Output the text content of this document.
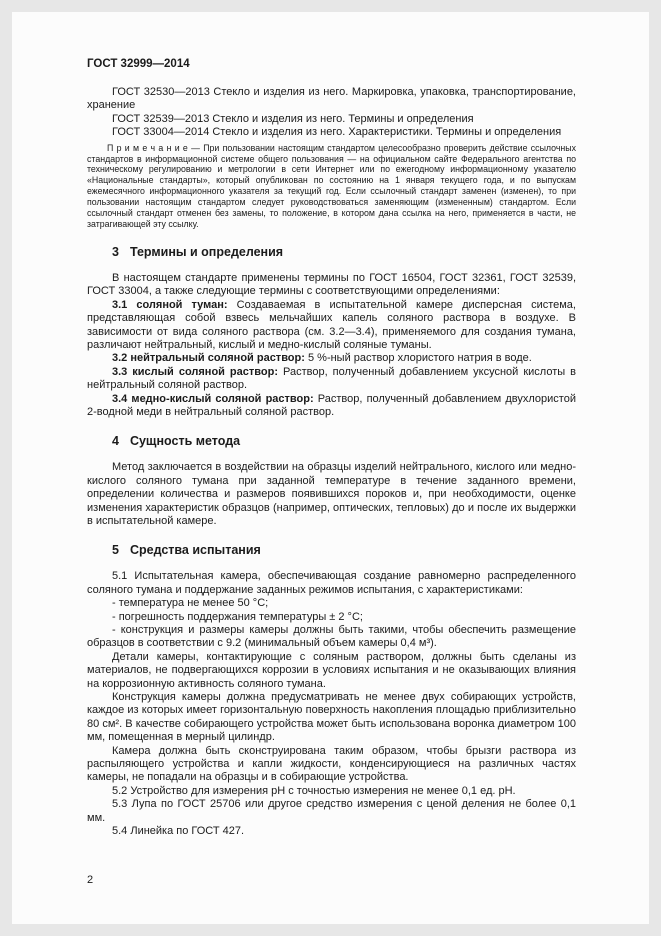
ГОСТ 32999—2014

ГОСТ 32530—2013 Стекло и изделия из него. Маркировка, упаковка, транспортирование, хранение

ГОСТ 32539—2013 Стекло и изделия из него. Термины и определения

ГОСТ 33004—2014 Стекло и изделия из него. Характеристики. Термины и определения

П р и м е ч а н и е — При пользовании настоящим стандартом целесообразно проверить действие ссылочных стандартов в информационной системе общего пользования — на официальном сайте Федерального агентства по техническому регулированию и метрологии в сети Интернет или по ежегодному информационному указателю «Национальные стандарты», который опубликован по состоянию на 1 января текущего года, и по выпускам ежемесячного информационного указателя за текущий год. Если ссылочный стандарт заменен (изменен), то при пользовании настоящим стандартом следует руководствоваться заменяющим (измененным) стандартом. Если ссылочный стандарт отменен без замены, то положение, в котором дана ссылка на него, применяется в части, не затрагивающей эту ссылку.

3 Термины и определения

В настоящем стандарте применены термины по ГОСТ 16504, ГОСТ 32361, ГОСТ 32539, ГОСТ 33004, а также следующие термины с соответствующими определениями:

3.1 соляной туман: Создаваемая в испытательной камере дисперсная система, представляющая собой взвесь мельчайших капель соляного раствора в воздухе. В зависимости от вида соляного раствора (см. 3.2—3.4), применяемого для создания тумана, различают нейтральный, кислый и медно-кислый соляные туманы.

3.2 нейтральный соляной раствор: 5 %-ный раствор хлористого натрия в воде.

3.3 кислый соляной раствор: Раствор, полученный добавлением уксусной кислоты в нейтральный соляной раствор.

3.4 медно-кислый соляной раствор: Раствор, полученный добавлением двухлористой 2-водной меди в нейтральный соляной раствор.

4 Сущность метода

Метод заключается в воздействии на образцы изделий нейтрального, кислого или медно-кислого соляного тумана при заданной температуре в течение заданного времени, определении количества и размеров появившихся пороков и, при необходимости, оценке изменения характеристик образцов (например, оптических, тепловых) до и после их выдержки в испытательной камере.

5 Средства испытания

5.1 Испытательная камера, обеспечивающая создание равномерно распределенного соляного тумана и поддержание заданных режимов испытания, с характеристиками:

- температура не менее 50 °С;

- погрешность поддержания температуры ± 2 °С;

- конструкция и размеры камеры должны быть такими, чтобы обеспечить размещение образцов в соответствии с 9.2 (минимальный объем камеры 0,4 м³).

Детали камеры, контактирующие с соляным раствором, должны быть сделаны из материалов, не подвергающихся коррозии в условиях испытания и не оказывающих влияния на коррозионную активность соляного тумана.

Конструкция камеры должна предусматривать не менее двух собирающих устройств, каждое из которых имеет горизонтальную поверхность накопления площадью приблизительно 80 см². В качестве собирающего устройства может быть использована воронка диаметром 100 мм, помещенная в мерный цилиндр.

Камера должна быть сконструирована таким образом, чтобы брызги раствора из распыляющего устройства и капли жидкости, конденсирующиеся на различных частях камеры, не попадали на образцы и в собирающие устройства.

5.2 Устройство для измерения pH с точностью измерения не менее 0,1 ед. pH.

5.3 Лупа по ГОСТ 25706 или другое средство измерения с ценой деления не более 0,1 мм.

5.4 Линейка по ГОСТ 427.

2
